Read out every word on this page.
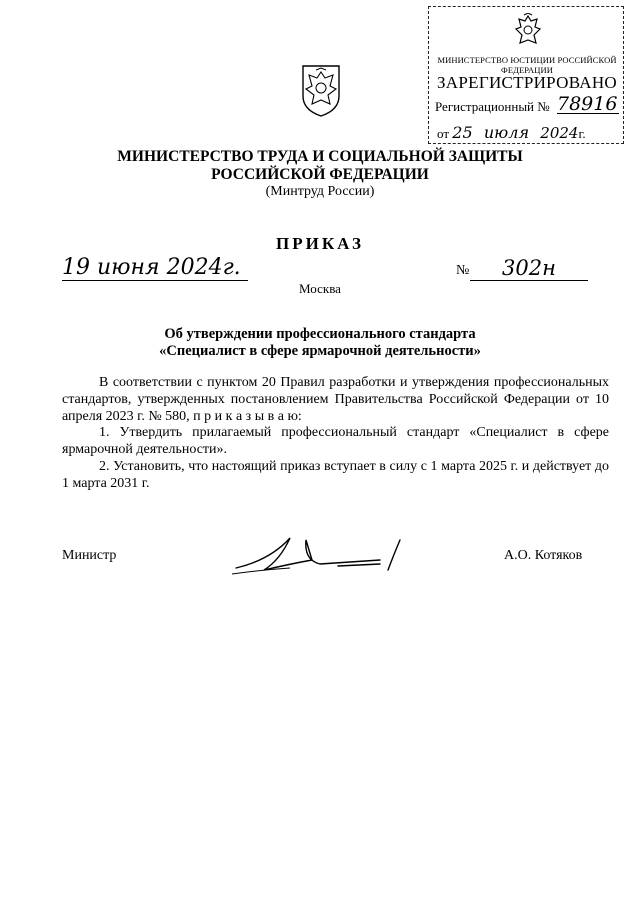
МИНИСТЕРСТВО ЮСТИЦИИ РОССИЙСКОЙ ФЕДЕРАЦИИ
ЗАРЕГИСТРИРОВАНО
Регистрационный № 78916
от 25 июля 2024г.
МИНИСТЕРСТВО ТРУДА И СОЦИАЛЬНОЙ ЗАЩИТЫ
РОССИЙСКОЙ ФЕДЕРАЦИИ
(Минтруд России)
ПРИКАЗ
19 июня 2024г.	№	302н
Москва
Об утверждении профессионального стандарта
«Специалист в сфере ярмарочной деятельности»

В соответствии с пунктом 20 Правил разработки и утверждения профессиональных стандартов, утвержденных постановлением Правительства Российской Федерации от 10 апреля 2023 г. № 580, п р и к а з ы в а ю:

1. Утвердить прилагаемый профессиональный стандарт «Специалист в сфере ярмарочной деятельности».

2. Установить, что настоящий приказ вступает в силу с 1 марта 2025 г. и действует до 1 марта 2031 г.

Министр	А.О. Котяков
